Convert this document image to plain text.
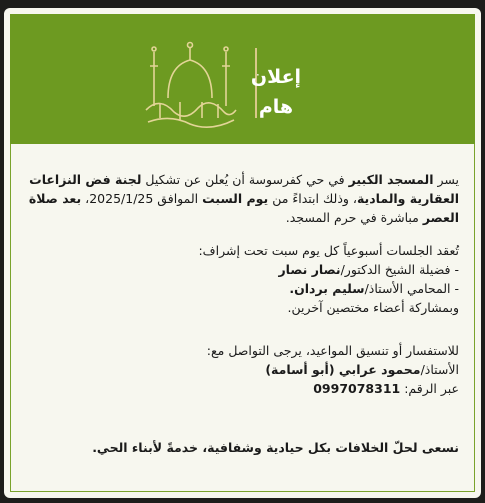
إعلان
هام

يسر المسجد الكبير في حي كفرسوسة أن يُعلن عن تشكيل لجنة فض النزاعات العقارية والمادية، وذلك ابتداءً من يوم السبت الموافق 2025/1/25، بعد صلاة العصر مباشرة في حرم المسجد.

تُعقد الجلسات أسبوعياً كل يوم سبت تحت إشراف:

- فضيلة الشيخ الدكتور/نصار نصار

- المحامي الأستاذ/سليم بردان.

وبمشاركة أعضاء مختصين آخرين.

للاستفسار أو تنسيق المواعيد، يرجى التواصل مع:

الأستاذ/محمود عرابي (أبو أسامة)

عبر الرقم: 0997078311

نسعى لحلّ الخلافات بكل حيادية وشفافية، خدمةً لأبناء الحي.
